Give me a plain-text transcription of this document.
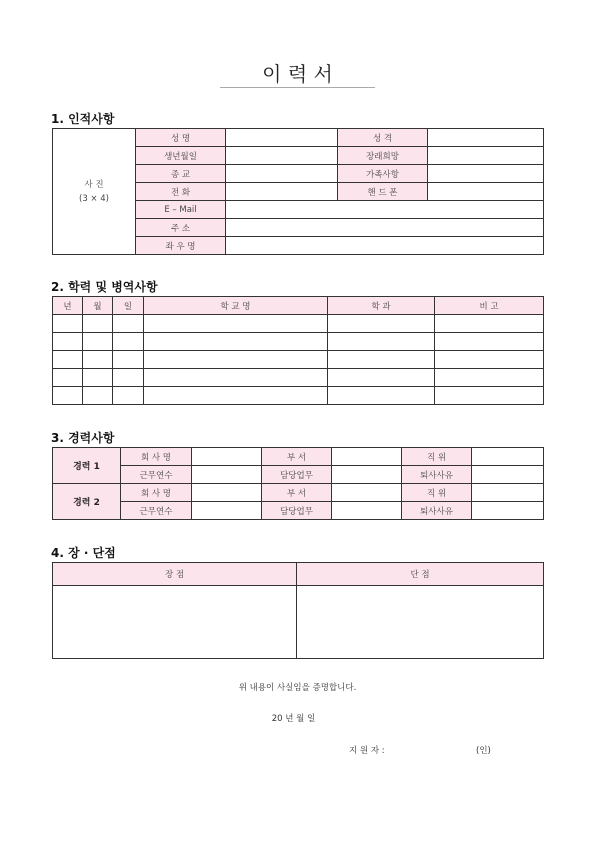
이 력 서
1. 인적사항
사 진
(3 × 4)	성 명		성 격	
	생년월일		장래희망	
	종 교		가족사항	
	전 화		핸 드 폰	
	E – Mail			
	주 소			
	좌 우 명			
2. 학력 및 병역사항
년	월	일	학 교 명	학 과	비 고

3. 경력사항
경력 1	회 사 명		부 서		직 위	
	근무연수		담당업무		퇴사사유	
경력 2	회 사 명		부 서		직 위	
	근무연수		담당업무		퇴사사유	
4. 장 · 단점
장 점	단 점

위 내용이 사실임을 증명합니다.
20 년 월 일
지 원 자 :	(인)
